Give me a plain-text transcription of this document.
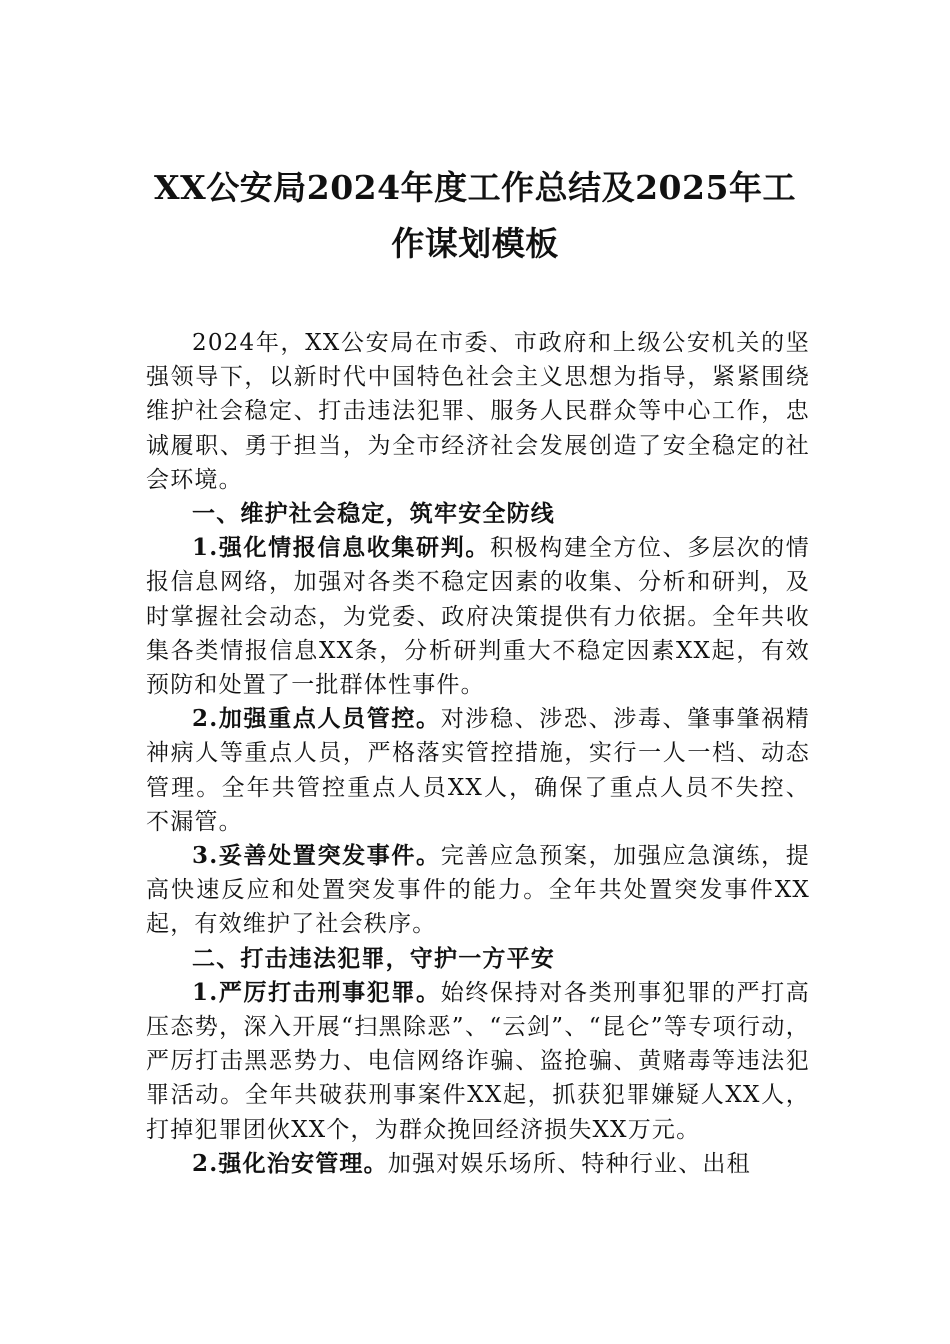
XX公安局2024年度工作总结及2025年工
作谋划模板

2024年，XX公安局在市委、市政府和上级公安机关的坚强领导下，以新时代中国特色社会主义思想为指导，紧紧围绕维护社会稳定、打击违法犯罪、服务人民群众等中心工作，忠诚履职、勇于担当，为全市经济社会发展创造了安全稳定的社会环境。

一、维护社会稳定，筑牢安全防线

1.强化情报信息收集研判。积极构建全方位、多层次的情报信息网络，加强对各类不稳定因素的收集、分析和研判，及时掌握社会动态，为党委、政府决策提供有力依据。全年共收集各类情报信息XX条，分析研判重大不稳定因素XX起，有效预防和处置了一批群体性事件。

2.加强重点人员管控。对涉稳、涉恐、涉毒、肇事肇祸精神病人等重点人员，严格落实管控措施，实行一人一档、动态管理。全年共管控重点人员XX人，确保了重点人员不失控、不漏管。

3.妥善处置突发事件。完善应急预案，加强应急演练，提高快速反应和处置突发事件的能力。全年共处置突发事件XX起，有效维护了社会秩序。

二、打击违法犯罪，守护一方平安

1.严厉打击刑事犯罪。始终保持对各类刑事犯罪的严打高压态势，深入开展“扫黑除恶”、“云剑”、“昆仑”等专项行动，严厉打击黑恶势力、电信网络诈骗、盗抢骗、黄赌毒等违法犯罪活动。全年共破获刑事案件XX起，抓获犯罪嫌疑人XX人，打掉犯罪团伙XX个，为群众挽回经济损失XX万元。

2.强化治安管理。加强对娱乐场所、特种行业、出租
